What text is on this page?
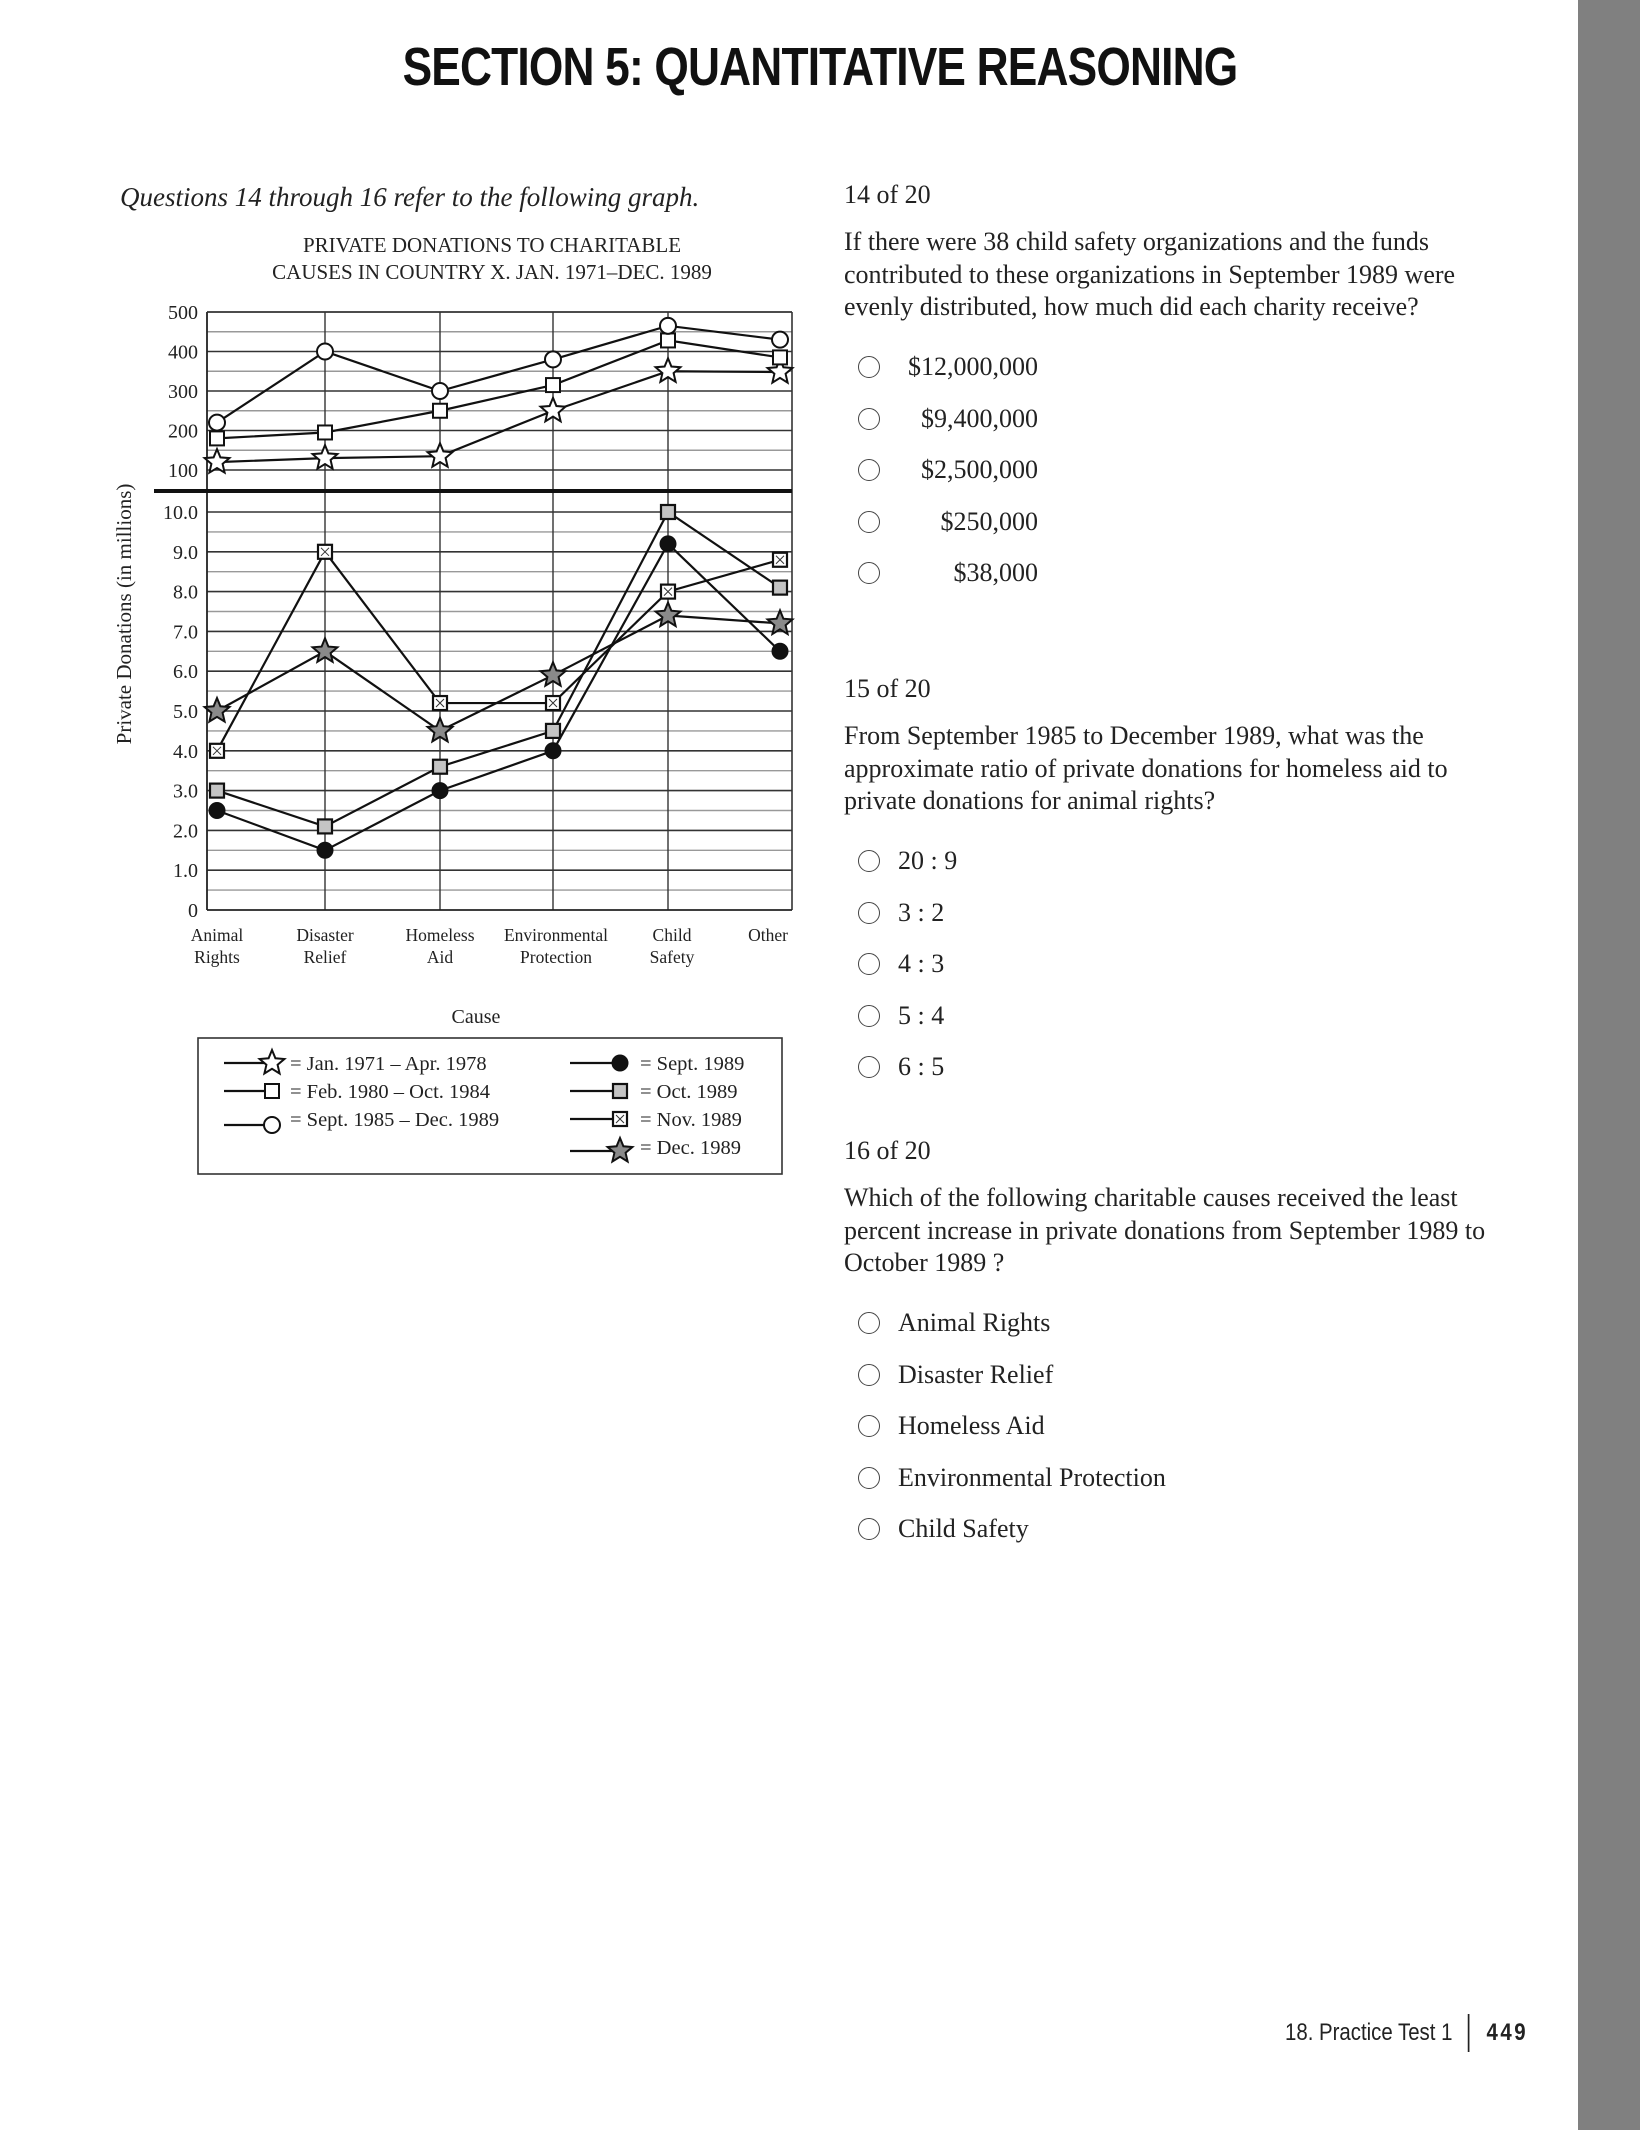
SECTION 5: QUANTITATIVE REASONING
Questions 14 through 16 refer to the following graph.
PRIVATE DONATIONS TO CHARITABLE
CAUSES IN COUNTRY X. JAN. 1971–DEC. 1989
500
400
300
200
100
10.0
9.0
8.0
7.0
6.0
5.0
4.0
3.0
2.0
1.0
0
Animal
Rights
Disaster
Relief
Homeless
Aid
Environmental
Protection
Child
Safety
Other
Private Donations (in millions)
Cause
= Jan. 1971 – Apr. 1978
= Feb. 1980 – Oct. 1984
= Sept. 1985 – Dec. 1989
= Sept. 1989
= Oct. 1989
= Nov. 1989
= Dec. 1989
14 of 20
If there were 38 child safety organizations and the funds contributed to these organizations in September 1989 were evenly distributed, how much did each charity receive?
$12,000,000
$9,400,000
$2,500,000
$250,000
$38,000
15 of 20
From September 1985 to December 1989, what was the approximate ratio of private donations for homeless aid to private donations for animal rights?
20 : 9
3 : 2
4 : 3
5 : 4
6 : 5
16 of 20
Which of the following charitable causes received the least percent increase in private donations from September 1989 to October 1989 ?
Animal Rights
Disaster Relief
Homeless Aid
Environmental Protection
Child Safety
18. Practice Test 1 449
